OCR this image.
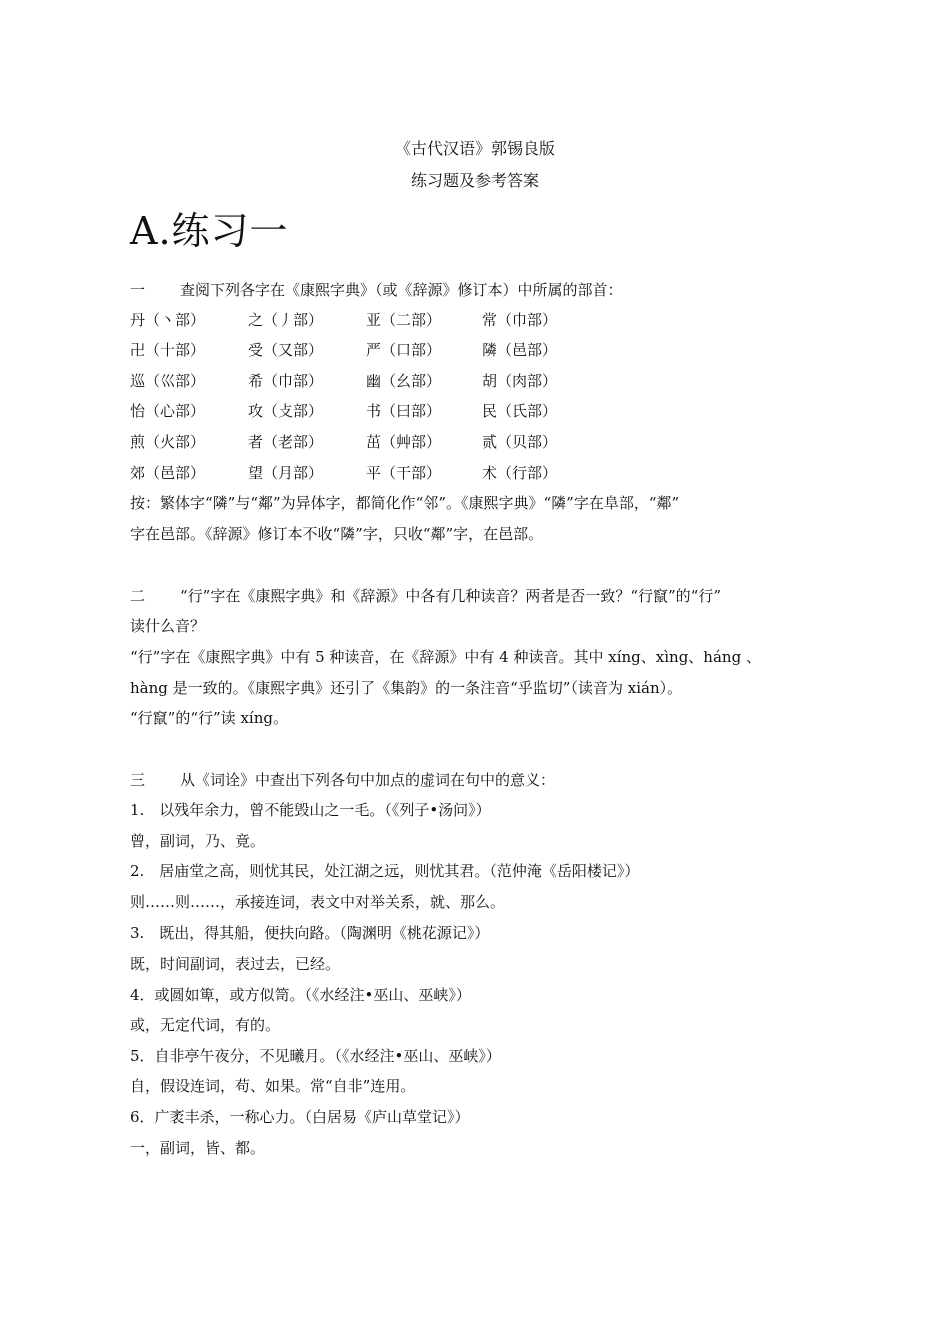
《古代汉语》郭锡良版
练习题及参考答案
A.练习一
一 查阅下列各字在《康熙字典》（或《辞源》修订本）中所属的部首：
丹（丶部）	之（丿部）	亚（二部）	常（巾部）
卍（十部）	受（又部）	严（口部）	隣（邑部）
巡（巛部）	希（巾部）	幽（幺部）	胡（肉部）
怡（心部）	攻（攴部）	书（曰部）	民（氏部）
煎（火部）	者（老部）	茁（艸部）	贰（贝部）
郊（邑部）	望（月部）	平（干部）	术（行部）
按：繁体字“隣”与“鄰”为异体字，都简化作“邻”。《康熙字典》“隣”字在阜部，“鄰”
字在邑部。《辞源》修订本不收“隣”字，只收“鄰”字，在邑部。
二 “行”字在《康熙字典》和《辞源》中各有几种读音？两者是否一致？“行竄”的“行”
读什么音？
“行”字在《康熙字典》中有 5 种读音，在《辞源》中有 4 种读音。其中 xíng、xìng、háng 、
hàng 是一致的。《康熙字典》还引了《集韵》的一条注音“乎监切”（读音为 xián）。
“行竄”的“行”读 xíng。
三 从《词诠》中查出下列各句中加点的虚词在句中的意义：
1.　以残年余力，曾不能毁山之一毛。（《列子•汤问》）
曾，副词，乃、竟。
2.　居庙堂之高，则忧其民，处江湖之远，则忧其君。（范仲淹《岳阳楼记》）
则……则……，承接连词，表文中对举关系，就、那么。
3.　既出，得其船，便扶向路。（陶渊明《桃花源记》）
既，时间副词，表过去，已经。
4．或圆如箄，或方似笥。（《水经注•巫山、巫峡》）
或，无定代词，有的。
5．自非亭午夜分，不见曦月。（《水经注•巫山、巫峡》）
自，假设连词，苟、如果。常“自非”连用。
6．广袤丰杀，一称心力。（白居易《庐山草堂记》）
一，副词，皆、都。
